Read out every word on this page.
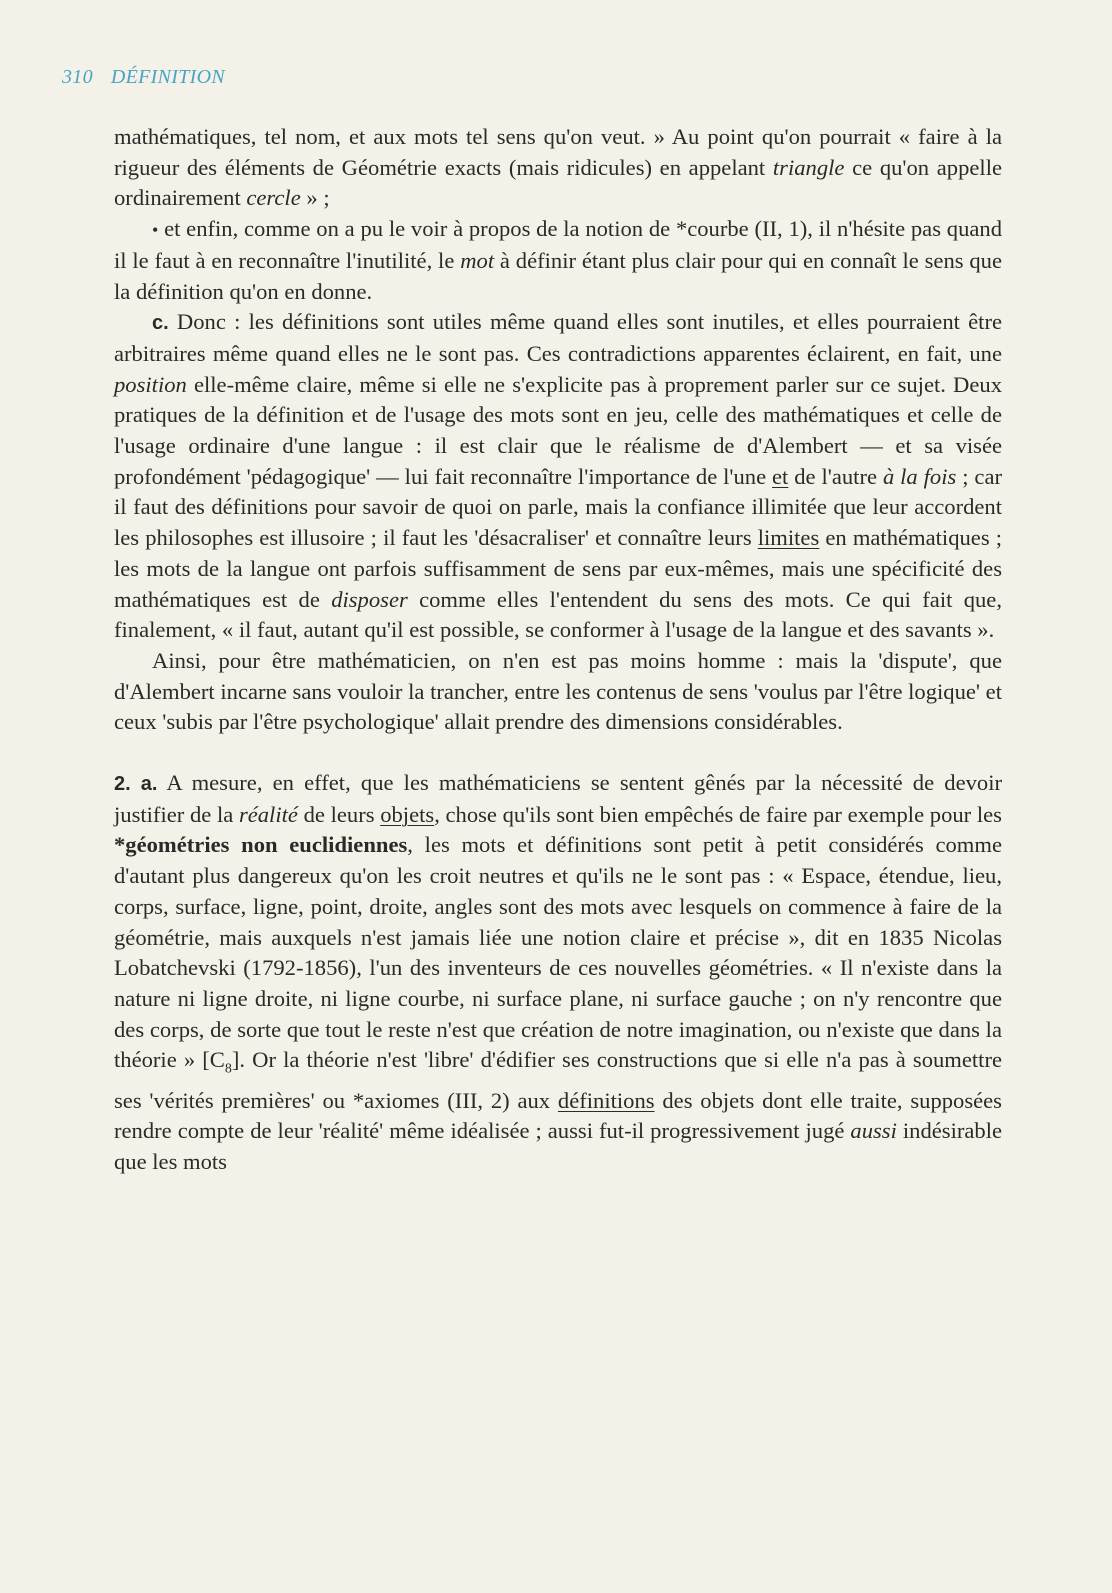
310 DÉFINITION

mathématiques, tel nom, et aux mots tel sens qu'on veut. » Au point qu'on pourrait « faire à la rigueur des éléments de Géométrie exacts (mais ridicules) en appelant triangle ce qu'on appelle ordinairement cercle » ;

• et enfin, comme on a pu le voir à propos de la notion de *courbe (II, 1), il n'hésite pas quand il le faut à en reconnaître l'inutilité, le mot à définir étant plus clair pour qui en connaît le sens que la définition qu'on en donne.

c. Donc : les définitions sont utiles même quand elles sont inutiles, et elles pourraient être arbitraires même quand elles ne le sont pas. Ces contradictions apparentes éclairent, en fait, une position elle-même claire, même si elle ne s'explicite pas à proprement parler sur ce sujet. Deux pratiques de la définition et de l'usage des mots sont en jeu, celle des mathématiques et celle de l'usage ordinaire d'une langue : il est clair que le réalisme de d'Alembert — et sa visée profondément 'pédagogique' — lui fait reconnaître l'importance de l'une et de l'autre à la fois ; car il faut des définitions pour savoir de quoi on parle, mais la confiance illimitée que leur accordent les philosophes est illusoire ; il faut les 'désacraliser' et connaître leurs limites en mathématiques ; les mots de la langue ont parfois suffisamment de sens par eux-mêmes, mais une spécificité des mathématiques est de disposer comme elles l'entendent du sens des mots. Ce qui fait que, finalement, « il faut, autant qu'il est possible, se conformer à l'usage de la langue et des savants ».

Ainsi, pour être mathématicien, on n'en est pas moins homme : mais la 'dispute', que d'Alembert incarne sans vouloir la trancher, entre les contenus de sens 'voulus par l'être logique' et ceux 'subis par l'être psychologique' allait prendre des dimensions considérables.

2. a. A mesure, en effet, que les mathématiciens se sentent gênés par la nécessité de devoir justifier de la réalité de leurs objets, chose qu'ils sont bien empêchés de faire par exemple pour les *géométries non euclidiennes, les mots et définitions sont petit à petit considérés comme d'autant plus dangereux qu'on les croit neutres et qu'ils ne le sont pas : « Espace, étendue, lieu, corps, surface, ligne, point, droite, angles sont des mots avec lesquels on commence à faire de la géométrie, mais auxquels n'est jamais liée une notion claire et précise », dit en 1835 Nicolas Lobatchevski (1792-1856), l'un des inventeurs de ces nouvelles géométries. « Il n'existe dans la nature ni ligne droite, ni ligne courbe, ni surface plane, ni surface gauche ; on n'y rencontre que des corps, de sorte que tout le reste n'est que création de notre imagination, ou n'existe que dans la théorie » $[C_8]$. Or la théorie n'est 'libre' d'édifier ses constructions que si elle n'a pas à soumettre ses 'vérités premières' ou *axiomes (III, 2) aux définitions des objets dont elle traite, supposées rendre compte de leur 'réalité' même idéalisée ; aussi fut-il progressivement jugé aussi indésirable que les mots
